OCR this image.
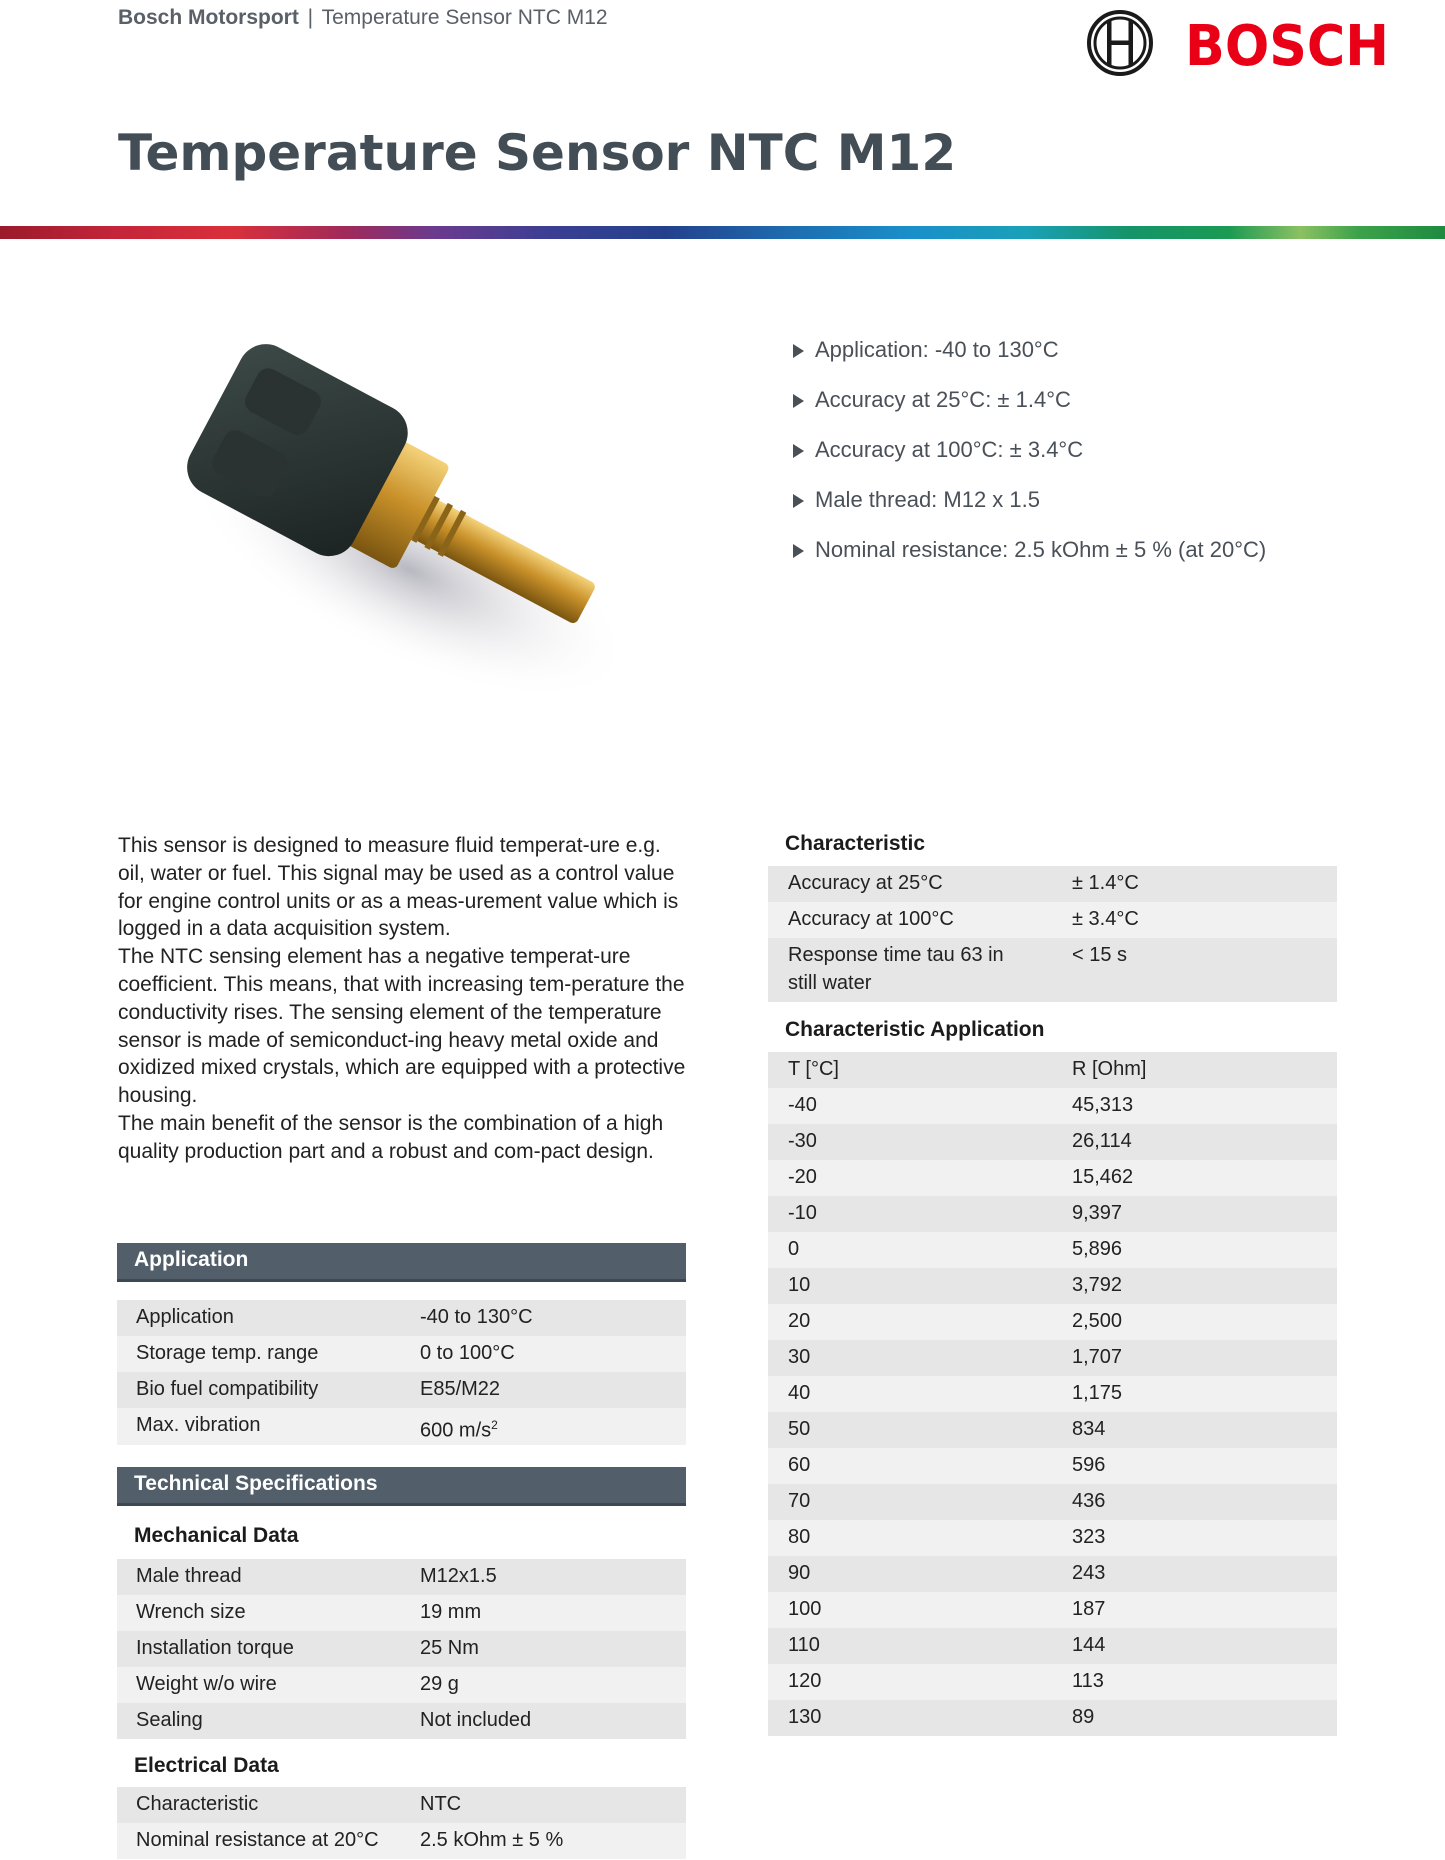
Bosch Motorsport | Temperature Sensor NTC M12	BOSCH
Temperature Sensor NTC M12
Application: -40 to 130°C
Accuracy at 25°C: ± 1.4°C
Accuracy at 100°C: ± 3.4°C
Male thread: M12 x 1.5
Nominal resistance: 2.5 kOhm ± 5 % (at 20°C)

This sensor is designed to measure fluid temperat-ure e.g. oil, water or fuel. This signal may be used as a control value for engine control units or as a meas-urement value which is logged in a data acquisition system.

The NTC sensing element has a negative temperat-ure coefficient. This means, that with increasing tem-perature the conductivity rises. The sensing element of the temperature sensor is made of semiconduct-ing heavy metal oxide and oxidized mixed crystals, which are equipped with a protective housing.

The main benefit of the sensor is the combination of a high quality production part and a robust and com-pact design.

Application
Application	-40 to 130°C
Storage temp. range	0 to 100°C
Bio fuel compatibility	E85/M22
Max. vibration	600 $m/s^2$
Technical Specifications
Mechanical Data
Male thread	M12x1.5
Wrench size	19 mm
Installation torque	25 Nm
Weight w/o wire	29 g
Sealing	Not included
Electrical Data
Characteristic	NTC
Nominal resistance at 20°C	2.5 kOhm ± 5 %
Characteristic
Accuracy at 25°C	± 1.4°C
Accuracy at 100°C	± 3.4°C
Response time tau 63 in still water	< 15 s
Characteristic Application
T [°C]	R [Ohm]
-40	45,313
-30	26,114
-20	15,462
-10	9,397
0	5,896
10	3,792
20	2,500
30	1,707
40	1,175
50	834
60	596
70	436
80	323
90	243
100	187
110	144
120	113
130	89
